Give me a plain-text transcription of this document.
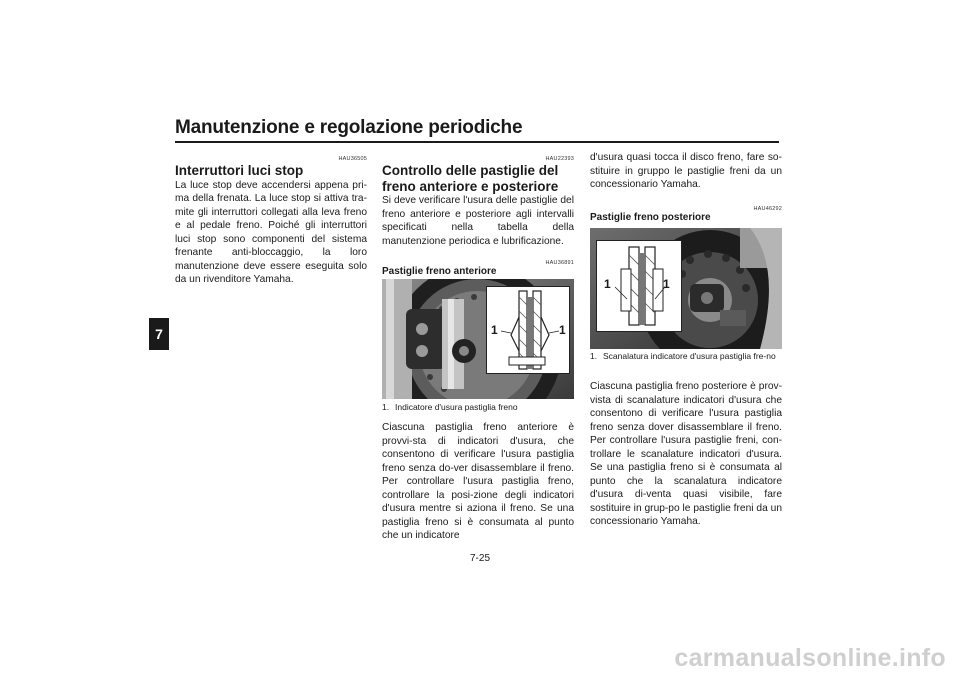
Manutenzione e regolazione periodiche
7
HAU36505
Interruttori luci stop

La luce stop deve accendersi appena pri-ma della frenata. La luce stop si attiva tra-mite gli interruttori collegati alla leva freno e al pedale freno. Poiché gli interruttori luci stop sono componenti del sistema frenante anti-bloccaggio, la loro manutenzione deve essere eseguita solo da un rivenditore Yamaha.

HAU22393
Controllo delle pastiglie del freno anteriore e posteriore

Si deve verificare l'usura delle pastiglie del freno anteriore e posteriore agli intervalli specificati nella tabella della manutenzione periodica e lubrificazione.

HAU36891
Pastiglie freno anteriore
1	1
1. Indicatore d'usura pastiglia freno

Ciascuna pastiglia freno anteriore è provvi-sta di indicatori d'usura, che consentono di verificare l'usura pastiglia freno senza do-ver disassemblare il freno. Per controllare l'usura pastiglia freno, controllare la posi-zione degli indicatori d'usura mentre si aziona il freno. Se una pastiglia freno si è consumata al punto che un indicatore

d'usura quasi tocca il disco freno, fare so-stituire in gruppo le pastiglie freni da un concessionario Yamaha.

HAU46292
Pastiglie freno posteriore
1	1
1. Scanalatura indicatore d'usura pastiglia fre-no

Ciascuna pastiglia freno posteriore è prov-vista di scanalature indicatori d'usura che consentono di verificare l'usura pastiglia freno senza dover disassemblare il freno. Per controllare l'usura pastiglie freni, con-trollare le scanalature indicatori d'usura. Se una pastiglia freno si è consumata al punto che la scanalatura indicatore d'usura di-venta quasi visibile, fare sostituire in grup-po le pastiglie freni da un concessionario Yamaha.

7-25
carmanualsonline.info
